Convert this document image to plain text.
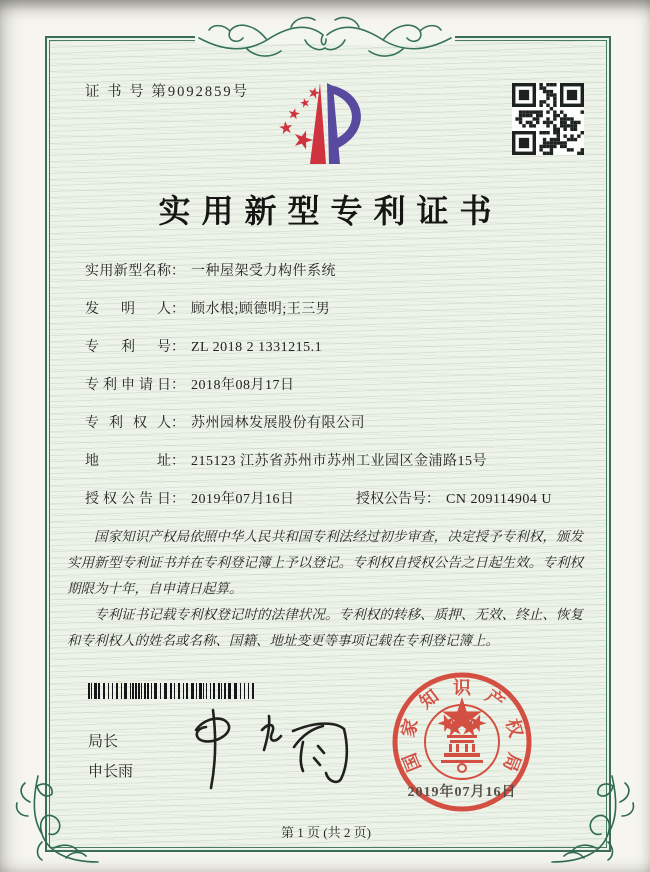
证 书 号 第9092859号
实用新型专利证书
实用新型名称： 一种屋架受力构件系统
发明人： 顾水根;顾德明;王三男
专利号： ZL 2018 2 1331215.1
专利申请日： 2018年08月17日
专利权人： 苏州园林发展股份有限公司
地址： 215123 江苏省苏州市苏州工业园区金浦路15号
授权公告日： 2019年07月16日	授权公告号： CN 209114904 U

国家知识产权局依照中华人民共和国专利法经过初步审查，决定授予专利权，颁发实用新型专利证书并在专利登记簿上予以登记。专利权自授权公告之日起生效。专利权期限为十年，自申请日起算。

专利证书记载专利权登记时的法律状况。专利权的转移、质押、无效、终止、恢复和专利权人的姓名或名称、国籍、地址变更等事项记载在专利登记簿上。

局长
申长雨	国
家
知 识 产
权
局
2019年07月16日
第 1 页 (共 2 页)
